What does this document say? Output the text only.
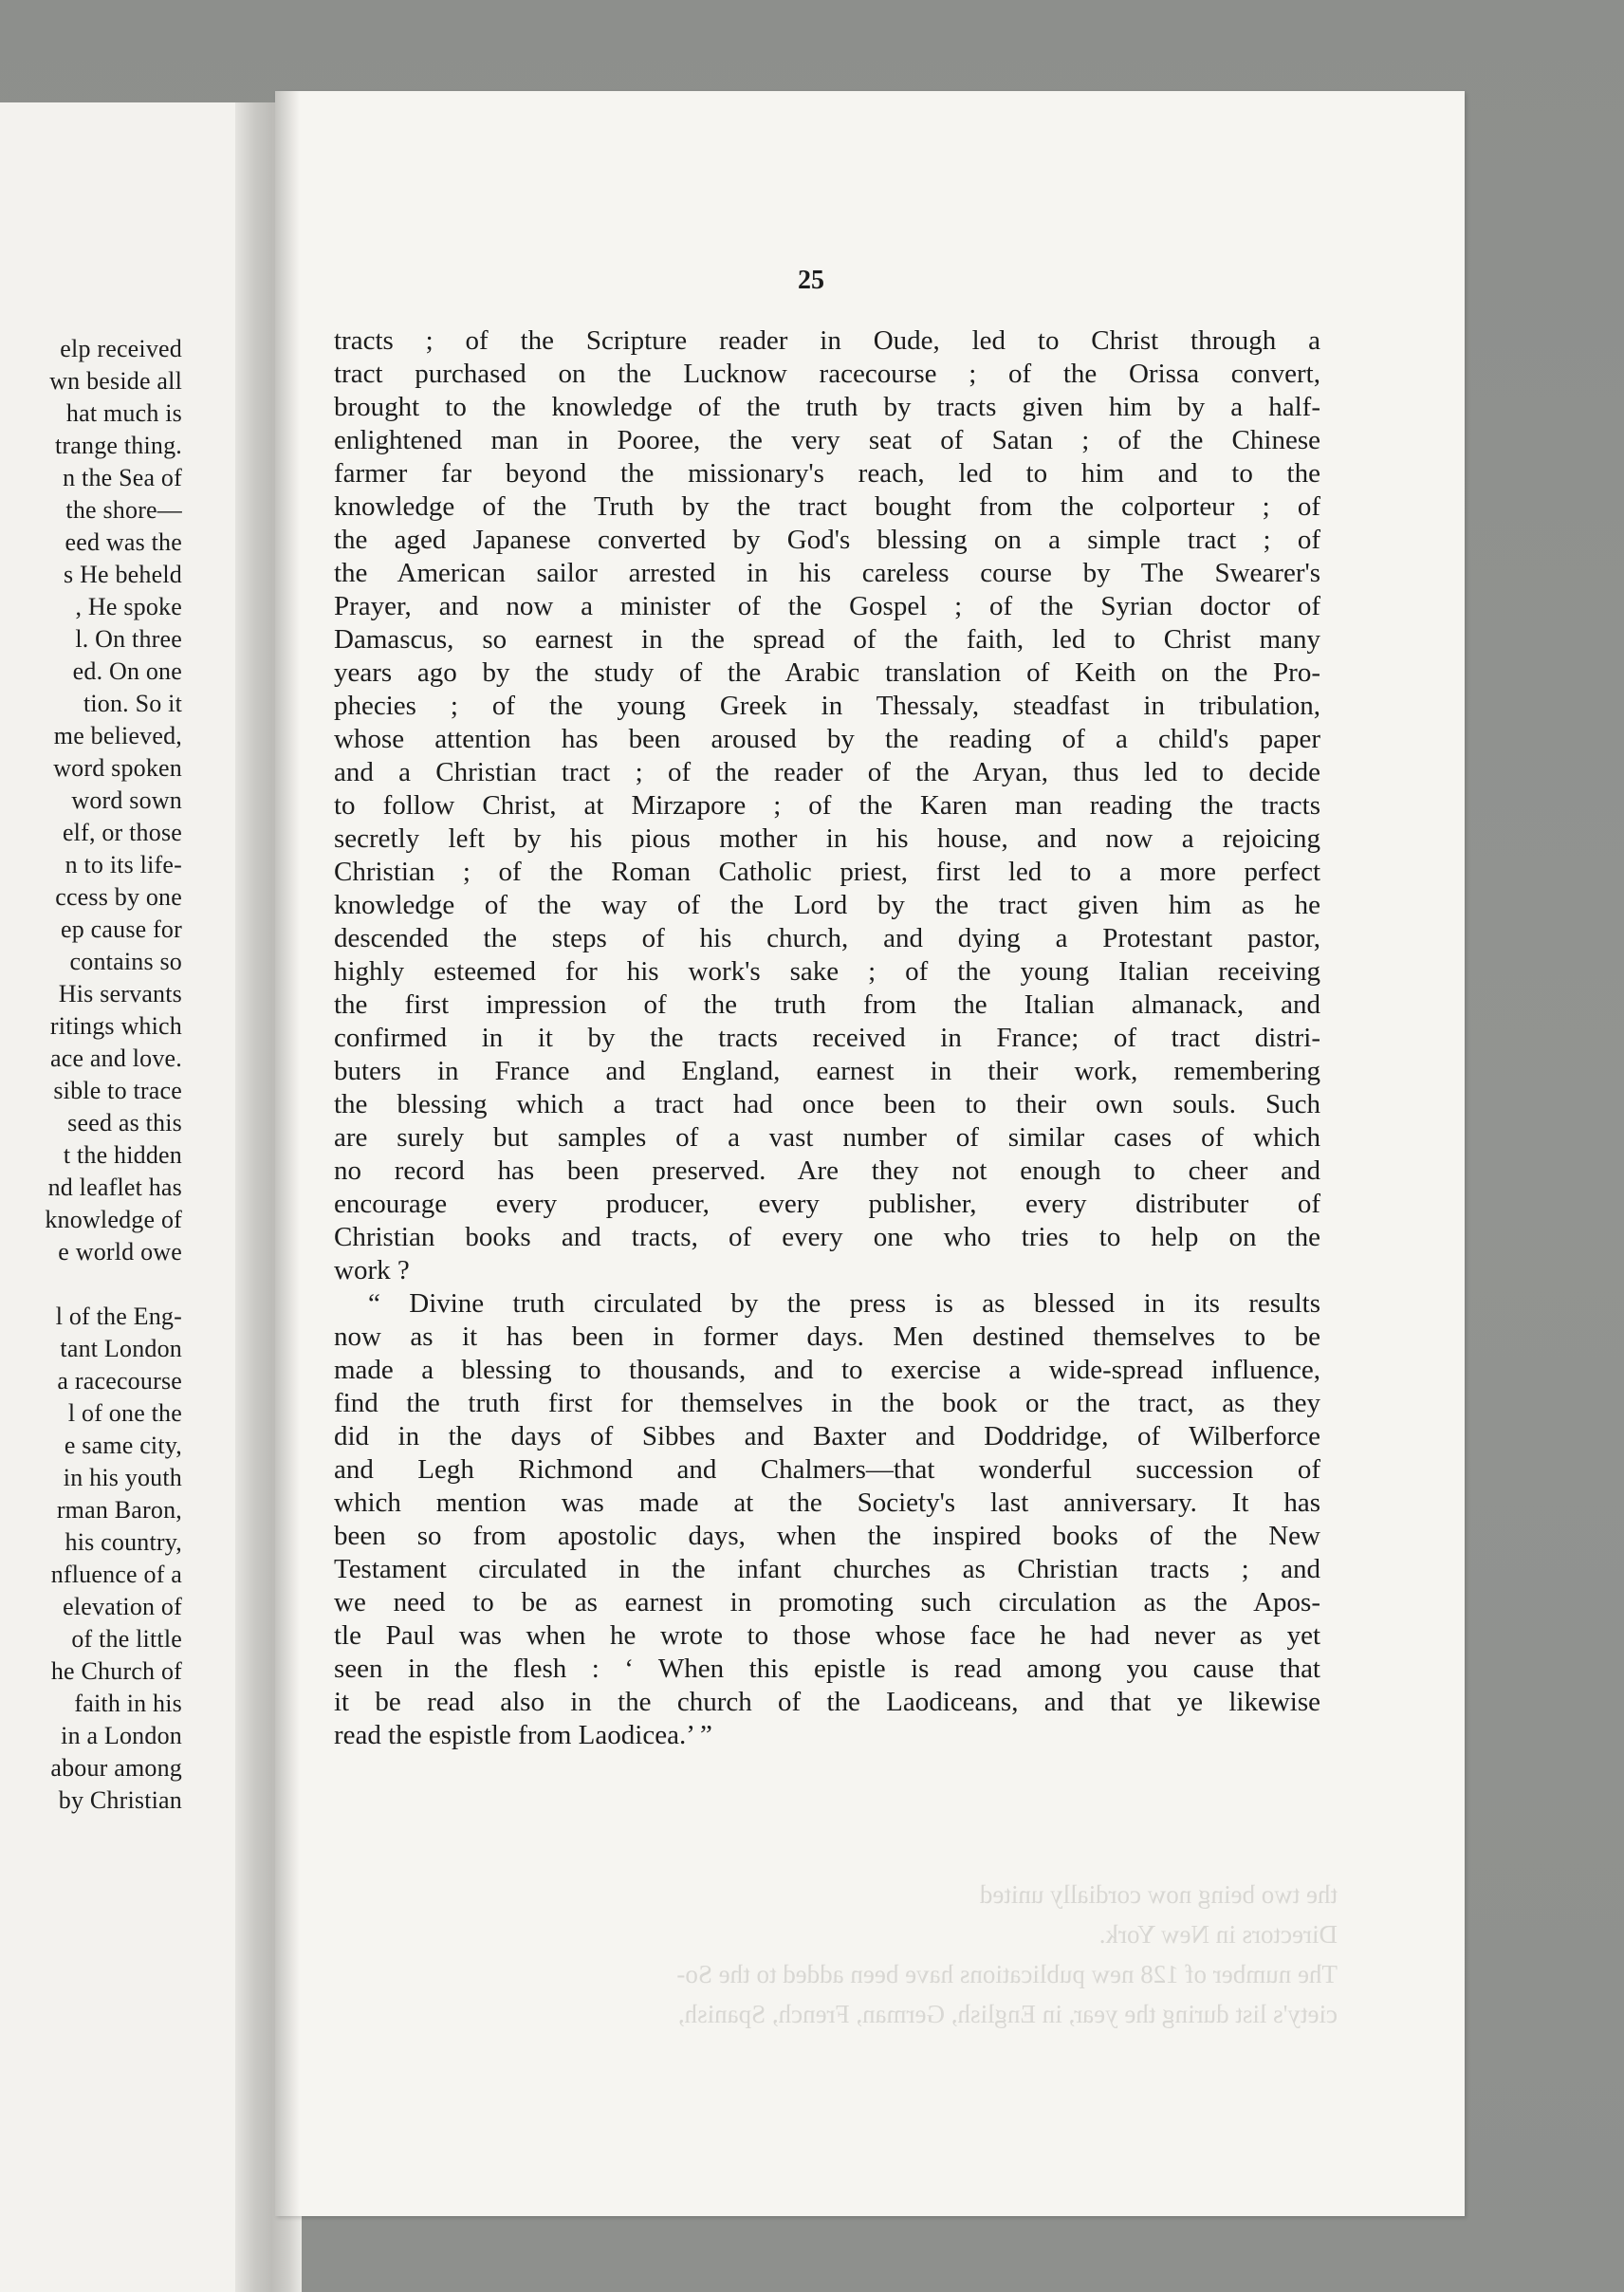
elp received
wn beside all
hat much is
trange thing.
n the Sea of
the shore—
eed was the
s He beheld
, He spoke
l. On three
ed. On one
tion. So it
me believed,
word spoken
word sown
elf, or those
n to its life-
ccess by one
ep cause for
contains so
His servants
ritings which
ace and love.
sible to trace
seed as this
t the hidden
nd leaflet has
knowledge of
e world owe
l of the Eng-
tant London
a racecourse
l of one the
e same city,
in his youth
rman Baron,
his country,
nfluence of a
elevation of
of the little
he Church of
faith in his
in a London
abour among
by Christian
25
tracts ; of the Scripture reader in Oude, led to Christ through a
tract purchased on the Lucknow racecourse ; of the Orissa convert,
brought to the knowledge of the truth by tracts given him by a half-
enlightened man in Pooree, the very seat of Satan ; of the Chinese
farmer far beyond the missionary's reach, led to him and to the
knowledge of the Truth by the tract bought from the colporteur ; of
the aged Japanese converted by God's blessing on a simple tract ; of
the American sailor arrested in his careless course by The Swearer's
Prayer, and now a minister of the Gospel ; of the Syrian doctor of
Damascus, so earnest in the spread of the faith, led to Christ many
years ago by the study of the Arabic translation of Keith on the Pro-
phecies ; of the young Greek in Thessaly, steadfast in tribulation,
whose attention has been aroused by the reading of a child's paper
and a Christian tract ; of the reader of the Aryan, thus led to decide
to follow Christ, at Mirzapore ; of the Karen man reading the tracts
secretly left by his pious mother in his house, and now a rejoicing
Christian ; of the Roman Catholic priest, first led to a more perfect
knowledge of the way of the Lord by the tract given him as he
descended the steps of his church, and dying a Protestant pastor,
highly esteemed for his work's sake ; of the young Italian receiving
the first impression of the truth from the Italian almanack, and
confirmed in it by the tracts received in France; of tract distri-
buters in France and England, earnest in their work, remembering
the blessing which a tract had once been to their own souls. Such
are surely but samples of a vast number of similar cases of which
no record has been preserved. Are they not enough to cheer and
encourage every producer, every publisher, every distributer of
Christian books and tracts, of every one who tries to help on the
work ?
“ Divine truth circulated by the press is as blessed in its results
now as it has been in former days. Men destined themselves to be
made a blessing to thousands, and to exercise a wide-spread influence,
find the truth first for themselves in the book or the tract, as they
did in the days of Sibbes and Baxter and Doddridge, of Wilberforce
and Legh Richmond and Chalmers—that wonderful succession of
which mention was made at the Society's last anniversary. It has
been so from apostolic days, when the inspired books of the New
Testament circulated in the infant churches as Christian tracts ; and
we need to be as earnest in promoting such circulation as the Apos-
tle Paul was when he wrote to those whose face he had never as yet
seen in the flesh : ‘ When this epistle is read among you cause that
it be read also in the church of the Laodiceans, and that ye likewise
read the espistle from Laodicea.’ ”
the two being now cordially united
Directors in New York.
The number of 128 new publications have been added to the So-
ciety's list during the year, in English, German, French, Spanish,
